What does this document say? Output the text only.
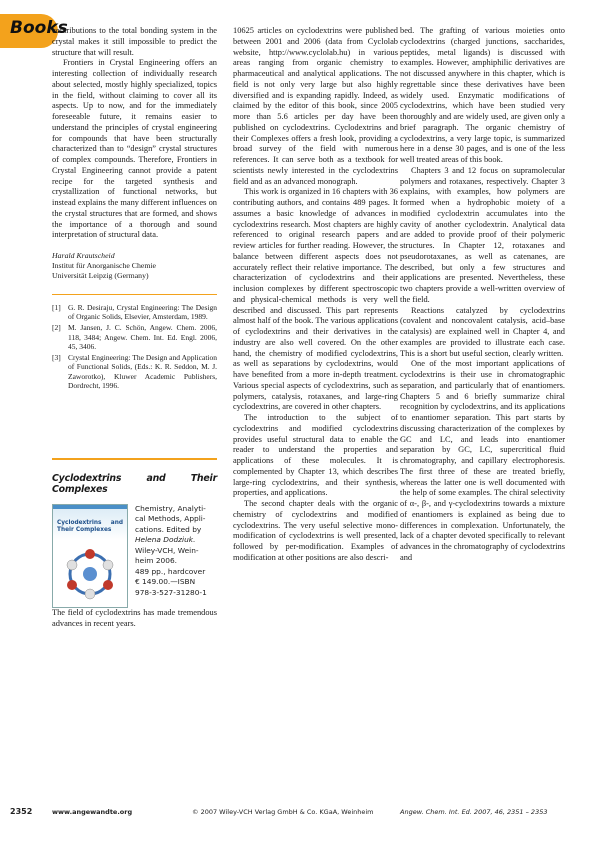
Books

contributions to the total bonding system in the crystal makes it still impossible to predict the structure that will result.

Frontiers in Crystal Engineering offers an interesting collection of individually research about selected, mostly highly specialized, topics in the field, without claiming to cover all its aspects. Up to now, and for the immediately foreseeable future, it remains easier to understand the principles of crystal engineering for compounds that have been structurally characterized than to “design” crystal structures of complex compounds. Therefore, Frontiers in Crystal Engineering cannot provide a patent recipe for the targeted synthesis and crystallization of functional networks, but instead explains the many different influences on the crystal structures that are formed, and shows the importance of a thorough and sound interpretation of structural data.

Harald Krautscheid
Institut für Anorganische Chemie
Universität Leipzig (Germany)
[1] G. R. Desiraju, Crystal Engineering: The Design of Organic Solids, Elsevier, Amsterdam, 1989.
[2] M. Jansen, J. C. Schön, Angew. Chem. 2006, 118, 3484; Angew. Chem. Int. Ed. Engl. 2006, 45, 3406.
[3] Crystal Engineering: The Design and Application of Functional Solids, (Eds.: K. R. Seddon, M. J. Zaworotko), Kluwer Academic Publishers, Dordrecht, 1996.
Cyclodextrins and Their Complexes
Cyclodextrins and Their Complexes
Chemistry, Analyti-
cal Methods, Appli-
cations. Edited by
Helena Dodziuk.
Wiley-VCH, Wein-
heim 2006.
489 pp., hardcover
€ 149.00.—ISBN
978-3-527-31280-1

The field of cyclodextrins has made tremendous advances in recent years.

10625 articles on cyclodextrins were published between 2001 and 2006 (data from Cyclolab website, http://www.cyclolab.hu) in various areas ranging from organic chemistry to pharmaceutical and analytical applications. The field is not only very large but also highly diversified and is expanding rapidly. Indeed, as claimed by the editor of this book, since 2005 more than 5.6 articles per day have been published on cyclodextrins. Cyclodextrins and their Complexes offers a fresh look, providing a broad survey of the field with numerous references. It can serve both as a textbook for scientists newly interested in the cyclodextrins field and as an advanced monograph.

This work is organized in 16 chapters with 36 contributing authors, and contains 489 pages. It assumes a basic knowledge of advances in cyclodextrins research. Most chapters are highly referenced to original research papers and review articles for further reading. However, the balance between different aspects does not accurately reflect their relative importance. The characterization of cyclodextrins and their inclusion complexes by different spectroscopic and physical-chemical methods is very well described and discussed. This part represents almost half of the book. The various applications of cyclodextrins and their derivatives in the industry are also well covered. On the other hand, the chemistry of modified cyclodextrins, as well as separations by cyclodextrins, would have benefited from a more in-depth treatment. Various special aspects of cyclodextrins, such as polymers, catalysis, rotaxanes, and large-ring cyclodextrins, are covered in other chapters.

The introduction to the subject of cyclodextrins and modified cyclodextrins provides useful structural data to enable the reader to understand the properties and applications of these molecules. It is complemented by Chapter 13, which describes large-ring cyclodextrins, and their synthesis, properties, and applications.

The second chapter deals with the organic chemistry of cyclodextrins and modified cyclodextrins. The very useful selective mono-modification of cyclodextrins is well presented, followed by per-modification. Examples of modification at other positions are also descri-

bed. The grafting of various moieties onto cyclodextrins (charged junctions, saccharides, peptides, metal ligands) is discussed with examples. However, amphiphilic derivatives are not discussed anywhere in this chapter, which is regrettable since these derivatives have been widely used. Enzymatic modifications of cyclodextrins, which have been studied very thoroughly and are widely used, are given only a brief paragraph. The organic chemistry of cyclodextrins, a very large topic, is summarized here in a dense 30 pages, and is one of the less well treated areas of this book.

Chapters 3 and 12 focus on supramolecular polymers and rotaxanes, respectively. Chapter 3 explains, with examples, how polymers are formed when a hydrophobic moiety of a modified cyclodextrin accumulates into the cavity of another cyclodextrin. Analytical data are added to provide proof of their polymeric structures. In Chapter 12, rotaxanes and pseudorotaxanes, as well as catenanes, are described, but only a few structures and applications are presented. Nevertheless, these two chapters provide a well-written overview of the field.

Reactions catalyzed by cyclodextrins (covalent and noncovalent catalysis, acid–base catalysis) are explained well in Chapter 4, and examples are provided to illustrate each case. This is a short but useful section, clearly written.

One of the most important applications of cyclodextrins is their use in chromatographic separation, and particularly that of enantiomers. Chapters 5 and 6 briefly summarize chiral recognition by cyclodextrins, and its applications to enantiomer separation. This part starts by discussing characterization of the complexes by GC and LC, and leads into enantiomer separation by GC, LC, supercritical fluid chromatography, and capillary electrophoresis. The first three of these are treated briefly, whereas the latter one is well documented with the help of some examples. The chiral selectivity of α-, β-, and γ-cyclodextrins towards a mixture of enantiomers is explained as being due to differences in complexation. Unfortunately, the lack of a chapter devoted specifically to relevant advances in the chromatography of cyclodextrins and

2352	www.angewandte.org	© 2007 Wiley-VCH Verlag GmbH & Co. KGaA, Weinheim	Angew. Chem. Int. Ed. 2007, 46, 2351 – 2353
